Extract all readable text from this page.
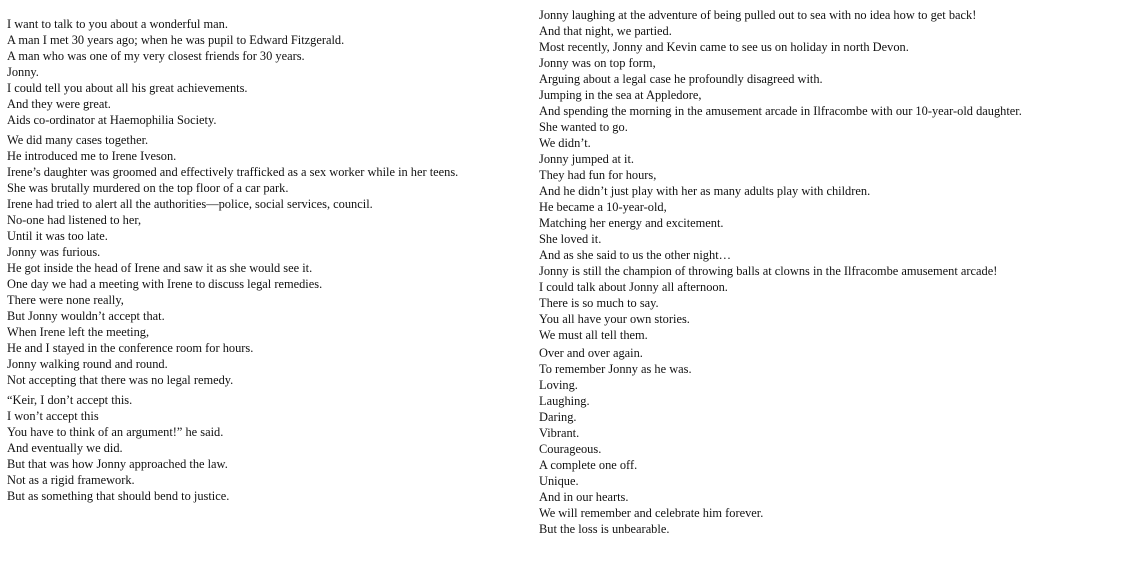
I want to talk to you about a wonderful man.
A man I met 30 years ago; when he was pupil to Edward Fitzgerald.
A man who was one of my very closest friends for 30 years.
Jonny.
I could tell you about all his great achievements.
And they were great.
Aids co-ordinator at Haemophilia Society.
We did many cases together.
He introduced me to Irene Iveson.
Irene’s daughter was groomed and effectively trafficked as a sex worker while in her teens.
She was brutally murdered on the top floor of a car park.
Irene had tried to alert all the authorities—police, social services, council.
No-one had listened to her,
Until it was too late.
Jonny was furious.
He got inside the head of Irene and saw it as she would see it.
One day we had a meeting with Irene to discuss legal remedies.
There were none really,
But Jonny wouldn’t accept that.
When Irene left the meeting,
He and I stayed in the conference room for hours.
Jonny walking round and round.
Not accepting that there was no legal remedy.
“Keir, I don’t accept this.
I won’t accept this
You have to think of an argument!” he said.
And eventually we did.
But that was how Jonny approached the law.
Not as a rigid framework.
But as something that should bend to justice.
Jonny laughing at the adventure of being pulled out to sea with no idea how to get back!
And that night, we partied.
Most recently, Jonny and Kevin came to see us on holiday in north Devon.
Jonny was on top form,
Arguing about a legal case he profoundly disagreed with.
Jumping in the sea at Appledore,
And spending the morning in the amusement arcade in Ilfracombe with our 10-year-old daughter.
She wanted to go.
We didn’t.
Jonny jumped at it.
They had fun for hours,
And he didn’t just play with her as many adults play with children.
He became a 10-year-old,
Matching her energy and excitement.
She loved it.
And as she said to us the other night…
Jonny is still the champion of throwing balls at clowns in the Ilfracombe amusement arcade!
I could talk about Jonny all afternoon.
There is so much to say.
You all have your own stories.
We must all tell them.
Over and over again.
To remember Jonny as he was.
Loving.
Laughing.
Daring.
Vibrant.
Courageous.
A complete one off.
Unique.
And in our hearts.
We will remember and celebrate him forever.
But the loss is unbearable.
